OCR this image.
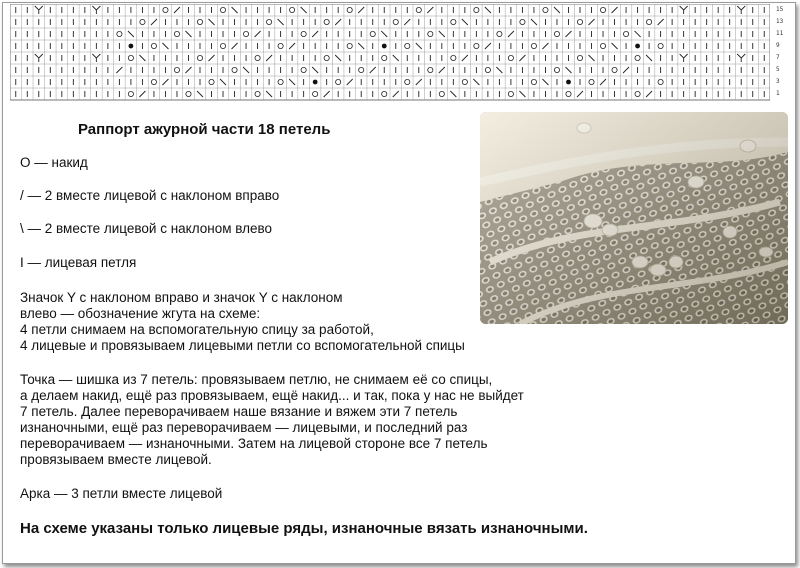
15
13
11
9
7
5
3
1
Раппорт ажурной части 18 петель

O — накид

/ — 2 вместе лицевой с наклоном вправо

\ — 2 вместе лицевой с наклоном влево

I — лицевая петля

Значок Y с наклоном вправо и значок Y с наклоном
влево — обозначение жгута на схеме:
4 петли снимаем на вспомогательную спицу за работой,
4 лицевые и провязываем лицевыми петли со вспомогательной спицы
Точка — шишка из 7 петель: провязываем петлю, не снимаем её со спицы,
а делаем накид, ещё раз провязываем, ещё накид... и так, пока у нас не выйдет
7 петель. Далее переворачиваем наше вязание и вяжем эти 7 петель
изнаночными, ещё раз переворачиваем — лицевыми, и последний раз
переворачиваем — изнаночными. Затем на лицевой стороне все 7 петель
провязываем вместе лицевой.
Арка — 3 петли вместе лицевой
На схеме указаны только лицевые ряды, изнаночные вязать изнаночными.
